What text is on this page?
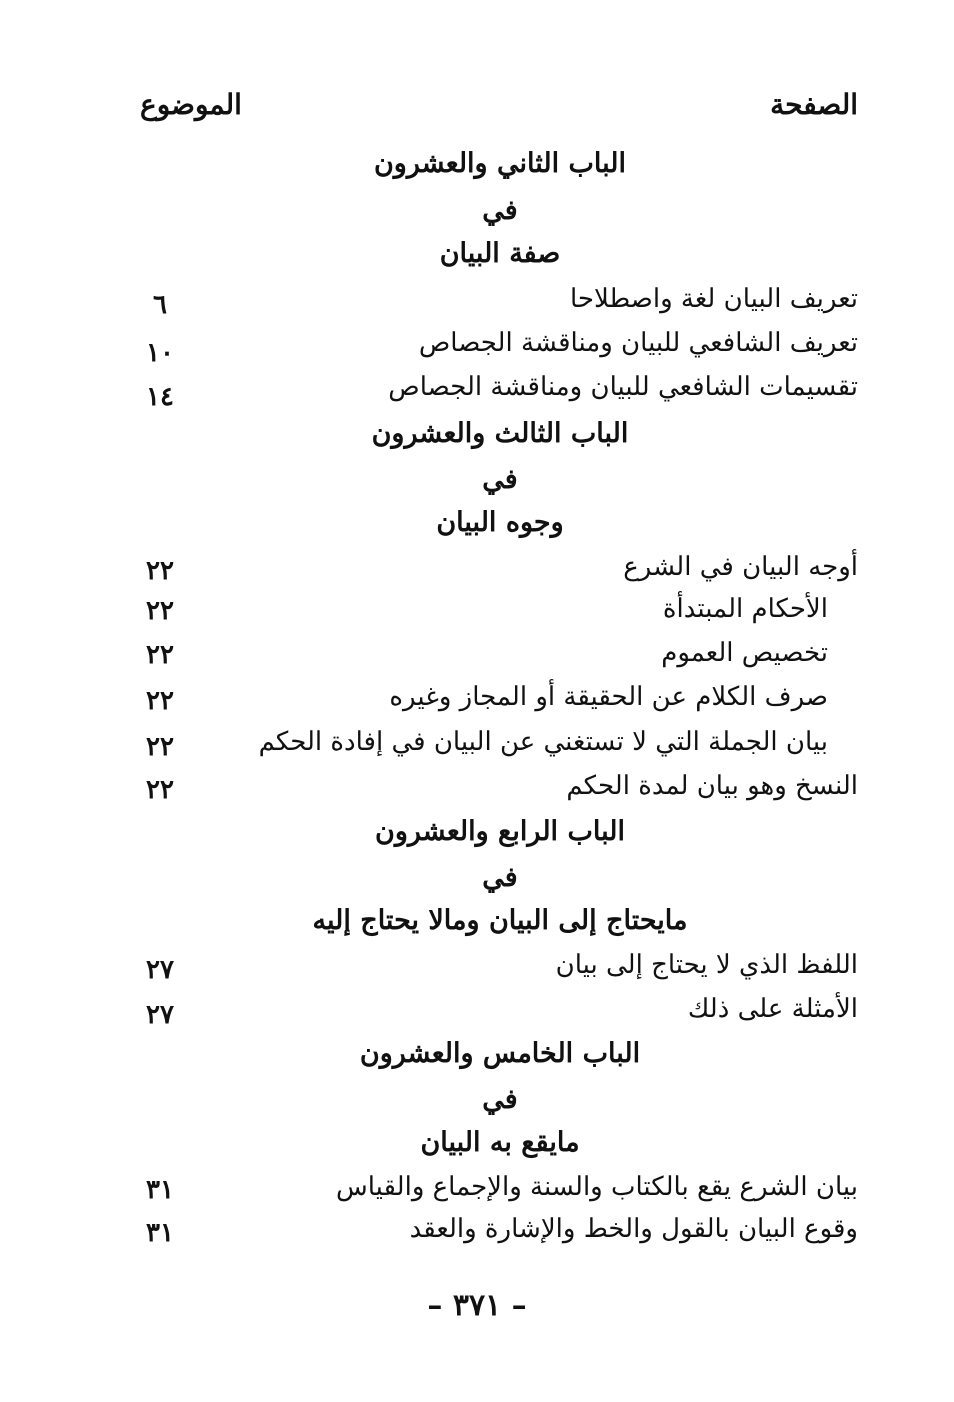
الصفحة
الموضوع
الباب الثاني والعشرون
في
صفة البيان
تعريف البيان لغة واصطلاحا
٦
تعريف الشافعي للبيان ومناقشة الجصاص
١٠
تقسيمات الشافعي للبيان ومناقشة الجصاص
١٤
الباب الثالث والعشرون
في
وجوه البيان
أوجه البيان في الشرع
٢٢
الأحكام المبتدأة
٢٢
تخصيص العموم
٢٢
صرف الكلام عن الحقيقة أو المجاز وغيره
٢٢
بيان الجملة التي لا تستغني عن البيان في إفادة الحكم
٢٢
النسخ وهو بيان لمدة الحكم
٢٢
الباب الرابع والعشرون
في
مايحتاج إلى البيان ومالا يحتاج إليه
اللفظ الذي لا يحتاج إلى بيان
٢٧
الأمثلة على ذلك
٢٧
الباب الخامس والعشرون
في
مايقع به البيان
بيان الشرع يقع بالكتاب والسنة والإجماع والقياس
٣١
وقوع البيان بالقول والخط والإشارة والعقد
٣١
– ٣٧١ –
